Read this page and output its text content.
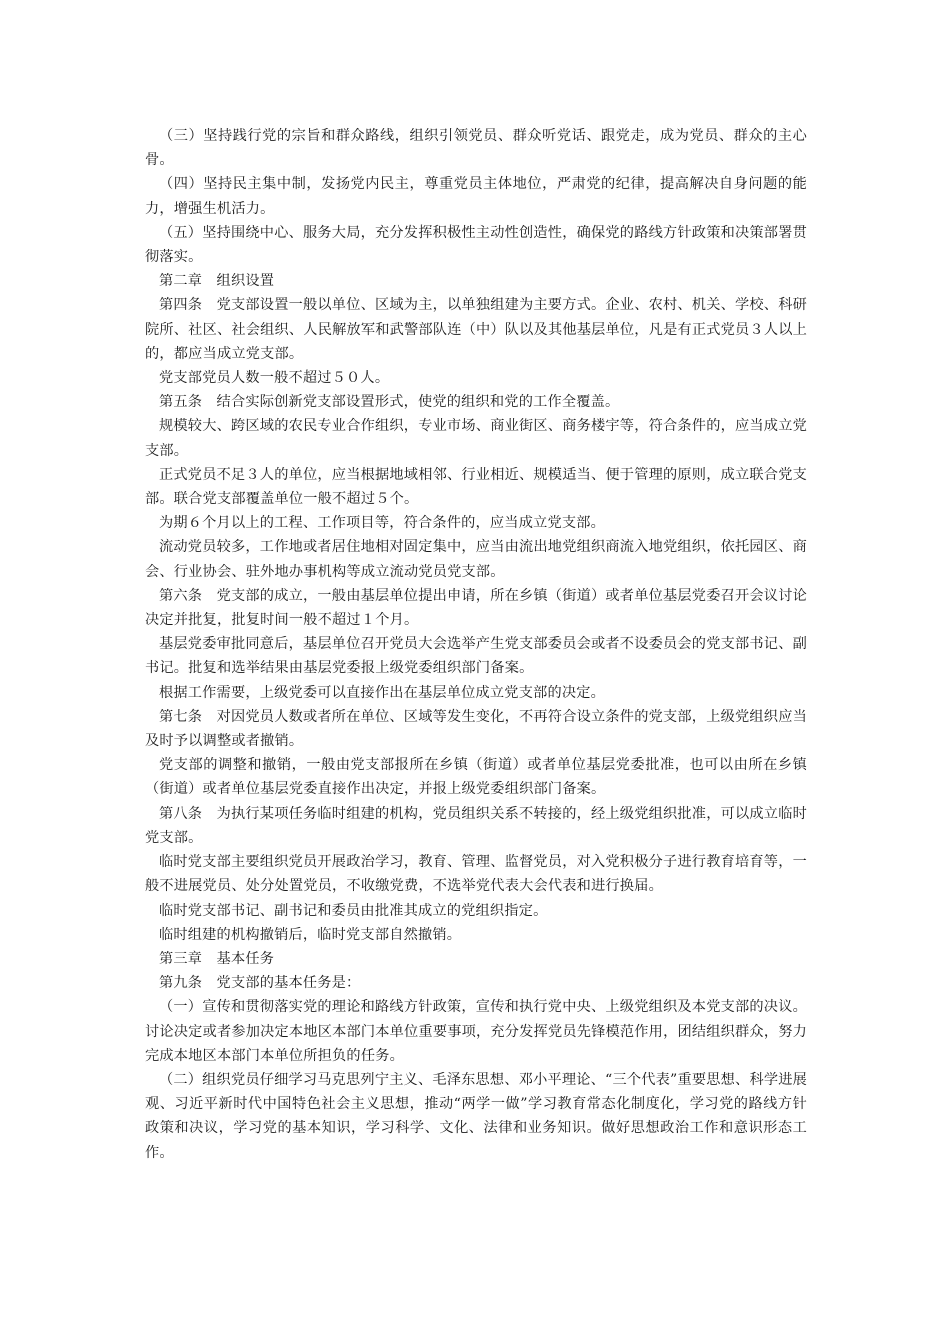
（三）坚持践行党的宗旨和群众路线，组织引领党员、群众听党话、跟党走，成为党员、群众的主心骨。

（四）坚持民主集中制，发扬党内民主，尊重党员主体地位，严肃党的纪律，提高解决自身问题的能力，增强生机活力。

（五）坚持围绕中心、服务大局，充分发挥积极性主动性创造性，确保党的路线方针政策和决策部署贯彻落实。

第二章　组织设置

第四条　党支部设置一般以单位、区域为主，以单独组建为主要方式。企业、农村、机关、学校、科研院所、社区、社会组织、人民解放军和武警部队连（中）队以及其他基层单位，凡是有正式党员３人以上的，都应当成立党支部。

党支部党员人数一般不超过５０人。

第五条　结合实际创新党支部设置形式，使党的组织和党的工作全覆盖。

规模较大、跨区域的农民专业合作组织，专业市场、商业街区、商务楼宇等，符合条件的，应当成立党支部。

正式党员不足３人的单位，应当根据地域相邻、行业相近、规模适当、便于管理的原则，成立联合党支部。联合党支部覆盖单位一般不超过５个。

为期６个月以上的工程、工作项目等，符合条件的，应当成立党支部。

流动党员较多，工作地或者居住地相对固定集中，应当由流出地党组织商流入地党组织，依托园区、商会、行业协会、驻外地办事机构等成立流动党员党支部。

第六条　党支部的成立，一般由基层单位提出申请，所在乡镇（街道）或者单位基层党委召开会议讨论决定并批复，批复时间一般不超过１个月。

基层党委审批同意后，基层单位召开党员大会选举产生党支部委员会或者不设委员会的党支部书记、副书记。批复和选举结果由基层党委报上级党委组织部门备案。

根据工作需要，上级党委可以直接作出在基层单位成立党支部的决定。

第七条　对因党员人数或者所在单位、区域等发生变化，不再符合设立条件的党支部，上级党组织应当及时予以调整或者撤销。

党支部的调整和撤销，一般由党支部报所在乡镇（街道）或者单位基层党委批准，也可以由所在乡镇（街道）或者单位基层党委直接作出决定，并报上级党委组织部门备案。

第八条　为执行某项任务临时组建的机构，党员组织关系不转接的，经上级党组织批准，可以成立临时党支部。

临时党支部主要组织党员开展政治学习，教育、管理、监督党员，对入党积极分子进行教育培育等，一般不进展党员、处分处置党员，不收缴党费，不选举党代表大会代表和进行换届。

临时党支部书记、副书记和委员由批准其成立的党组织指定。

临时组建的机构撤销后，临时党支部自然撤销。

第三章　基本任务

第九条　党支部的基本任务是：

（一）宣传和贯彻落实党的理论和路线方针政策，宣传和执行党中央、上级党组织及本党支部的决议。讨论决定或者参加决定本地区本部门本单位重要事项，充分发挥党员先锋模范作用，团结组织群众，努力完成本地区本部门本单位所担负的任务。

（二）组织党员仔细学习马克思列宁主义、毛泽东思想、邓小平理论、“三个代表”重要思想、科学进展观、习近平新时代中国特色社会主义思想，推动“两学一做”学习教育常态化制度化，学习党的路线方针政策和决议，学习党的基本知识，学习科学、文化、法律和业务知识。做好思想政治工作和意识形态工作。
